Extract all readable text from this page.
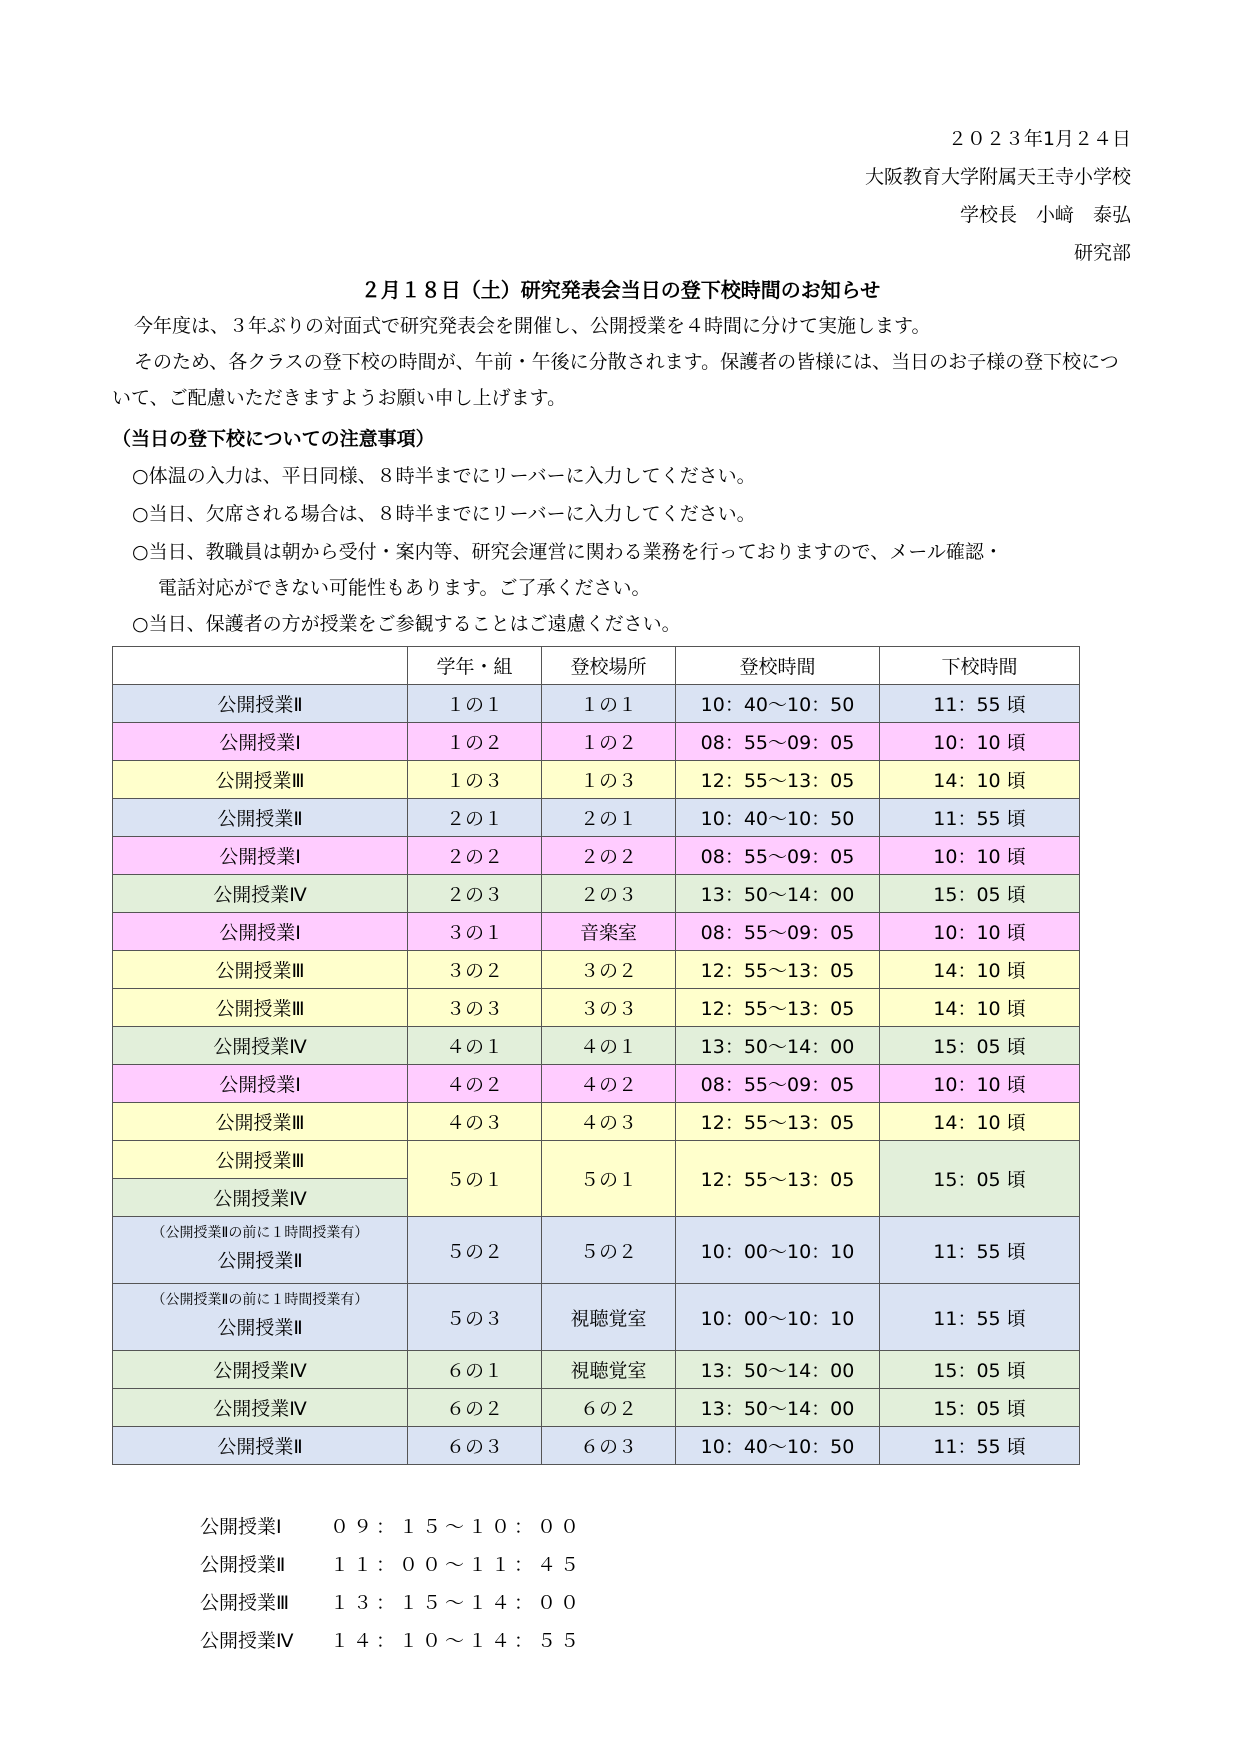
２０２３年1月２４日
大阪教育大学附属天王寺小学校
学校長　小﨑　泰弘
研究部
２月１８日（土）研究発表会当日の登下校時間のお知らせ
今年度は、３年ぶりの対面式で研究発表会を開催し、公開授業を４時間に分けて実施します。
そのため、各クラスの登下校の時間が、午前・午後に分散されます。保護者の皆様には、当日のお子様の登下校について、ご配慮いただきますようお願い申し上げます。
（当日の登下校についての注意事項）
○体温の入力は、平日同様、８時半までにリーバーに入力してください。
○当日、欠席される場合は、８時半までにリーバーに入力してください。
○当日、教職員は朝から受付・案内等、研究会運営に関わる業務を行っておりますので、メール確認・
電話対応ができない可能性もあります。ご了承ください。
○当日、保護者の方が授業をご参観することはご遠慮ください。
	学年・組	登校場所	登校時間	下校時間
公開授業Ⅱ	１の１	１の１	10：40〜10：50	11：55 頃
公開授業Ⅰ	１の２	１の２	08：55〜09：05	10：10 頃
公開授業Ⅲ	１の３	１の３	12：55〜13：05	14：10 頃
公開授業Ⅱ	２の１	２の１	10：40〜10：50	11：55 頃
公開授業Ⅰ	２の２	２の２	08：55〜09：05	10：10 頃
公開授業Ⅳ	２の３	２の３	13：50〜14：00	15：05 頃
公開授業Ⅰ	３の１	音楽室	08：55〜09：05	10：10 頃
公開授業Ⅲ	３の２	３の２	12：55〜13：05	14：10 頃
公開授業Ⅲ	３の３	３の３	12：55〜13：05	14：10 頃
公開授業Ⅳ	４の１	４の１	13：50〜14：00	15：05 頃
公開授業Ⅰ	４の２	４の２	08：55〜09：05	10：10 頃
公開授業Ⅲ	４の３	４の３	12：55〜13：05	14：10 頃
公開授業Ⅲ	５の１	５の１	12：55〜13：05	15：05 頃
公開授業Ⅳ				

（公開授業Ⅱの前に１時間授業有）
公開授業Ⅱ	５の２	５の２	10：00〜10：10	11：55 頃

（公開授業Ⅱの前に１時間授業有）
公開授業Ⅱ	５の３	視聴覚室	10：00〜10：10	11：55 頃
公開授業Ⅳ	６の１	視聴覚室	13：50〜14：00	15：05 頃
公開授業Ⅳ	６の２	６の２	13：50〜14：00	15：05 頃
公開授業Ⅱ	６の３	６の３	10：40〜10：50	11：55 頃
公開授業Ⅰ	０９：１５〜１０：００
公開授業Ⅱ １１：００〜１１：４５
公開授業Ⅲ １３：１５〜１４：００
公開授業Ⅳ １４：１０〜１４：５５
